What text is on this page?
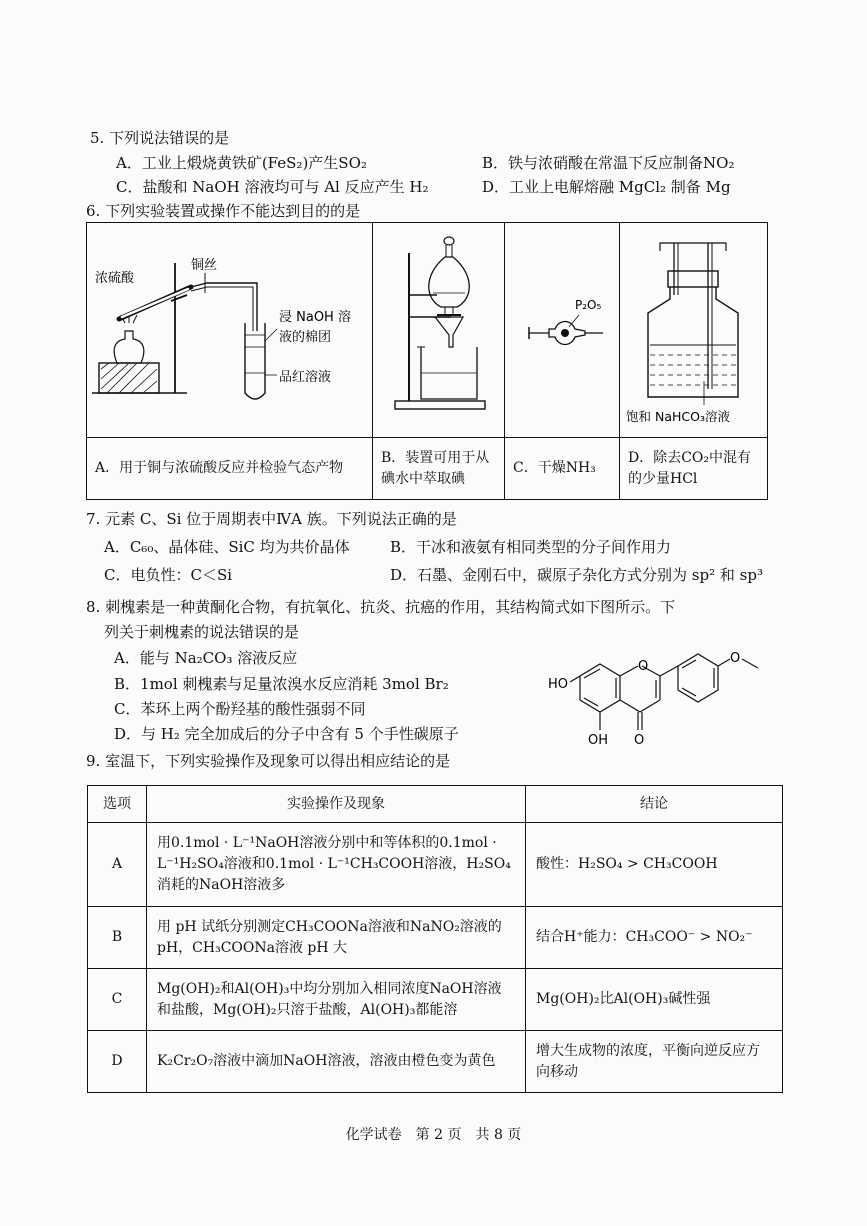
5. 下列说法错误的是
A．工业上煅烧黄铁矿(FeS₂)产生SO₂	B．铁与浓硝酸在常温下反应制备NO₂
C．盐酸和 NaOH 溶液均可与 Al 反应产生 H₂	D．工业上电解熔融 MgCl₂ 制备 Mg
6. 下列实验装置或操作不能达到目的的是
浓硫酸
铜丝
浸 NaOH 溶
液的棉团
品红溶液		P₂O₅	饱和 NaHCO₃溶液

A．用于铜与浓硫酸反应并检验气态产物	B．装置可用于从碘水中萃取碘	C．干燥NH₃	D．除去CO₂中混有的少量HCl
7. 元素 C、Si 位于周期表中ⅣA 族。下列说法正确的是
A．C₆₀、晶体硅、SiC 均为共价晶体	B．干冰和液氨有相同类型的分子间作用力
C．电负性：C＜Si	D．石墨、金刚石中，碳原子杂化方式分别为 sp² 和 sp³
8. 刺槐素是一种黄酮化合物，有抗氧化、抗炎、抗癌的作用，其结构简式如下图所示。下
列关于刺槐素的说法错误的是
A．能与 Na₂CO₃ 溶液反应
B．1mol 刺槐素与足量浓溴水反应消耗 3mol Br₂
C．苯环上两个酚羟基的酸性强弱不同
D．与 H₂ 完全加成后的分子中含有 5 个手性碳原子
O
O
O
HO
OH
9. 室温下，下列实验操作及现象可以得出相应结论的是
选项	实验操作及现象	结论
A	用0.1mol · L⁻¹NaOH溶液分别中和等体积的0.1mol · L⁻¹H₂SO₄溶液和0.1mol · L⁻¹CH₃COOH溶液，H₂SO₄消耗的NaOH溶液多	酸性：H₂SO₄ > CH₃COOH
B	用 pH 试纸分别测定CH₃COONa溶液和NaNO₂溶液的 pH，CH₃COONa溶液 pH 大	结合H⁺能力：CH₃COO⁻ > NO₂⁻
C	Mg(OH)₂和Al(OH)₃中均分别加入相同浓度NaOH溶液和盐酸，Mg(OH)₂只溶于盐酸，Al(OH)₃都能溶	Mg(OH)₂比Al(OH)₃碱性强
D	K₂Cr₂O₇溶液中滴加NaOH溶液，溶液由橙色变为黄色	增大生成物的浓度，平衡向逆反应方向移动
化学试卷　第 2 页　共 8 页
